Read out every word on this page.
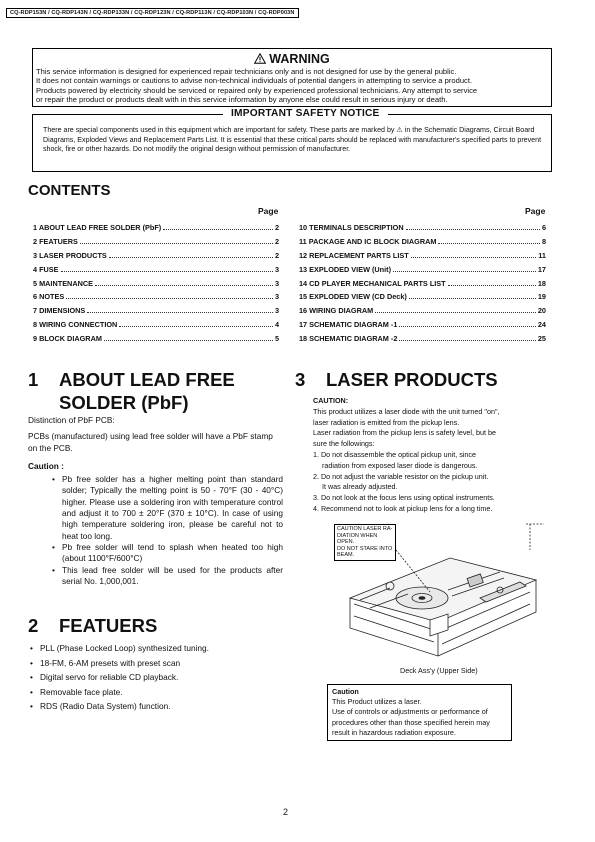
CQ-RDP153N / CQ-RDP143N / CQ-RDP133N / CQ-RDP123N / CQ-RDP113N / CQ-RDP103N / CQ-RDP003N
WARNING
This service information is designed for experienced repair technicians only and is not designed for use by the general public.
It does not contain warnings or cautions to advise non-technical individuals of potential dangers in attempting to service a product.
Products powered by electricity should be serviced or repaired only by experienced professional technicians. Any attempt to service
or repair the product or products dealt with in this service information by anyone else could result in serious injury or death.
IMPORTANT SAFETY NOTICE
There are special components used in this equipment which are important for safety. These parts are marked by ⚠ in the Schematic Diagrams, Circuit Board Diagrams, Exploded Views and Replacement Parts List. It is essential that these critical parts should be replaced with manufacturer's specified parts to prevent shock, fire or other hazards. Do not modify the original design without permission of manufacturer.
CONTENTS
Page	Page
1 ABOUT LEAD FREE SOLDER (PbF)	2
2 FEATUERS	2
3 LASER PRODUCTS	2
4 FUSE	3
5 MAINTENANCE	3
6 NOTES	3
7 DIMENSIONS	3
8 WIRING CONNECTION	4
9 BLOCK DIAGRAM	5
10 TERMINALS DESCRIPTION	6
11 PACKAGE AND IC BLOCK DIAGRAM	8
12 REPLACEMENT PARTS LIST	11
13 EXPLODED VIEW (Unit)	17
14 CD PLAYER MECHANICAL PARTS LIST	18
15 EXPLODED VIEW (CD Deck)	19
16 WIRING DIAGRAM	20
17 SCHEMATIC DIAGRAM -1	24
18 SCHEMATIC DIAGRAM -2	25
1 ABOUT LEAD FREE
SOLDER (PbF)
Distinction of PbF PCB:
PCBs (manufactured) using lead free solder will have a PbF stamp on the PCB.
Caution :
• Pb free solder has a higher melting point than standard solder; Typically the melting point is 50 - 70°F (30 - 40°C) higher. Please use a soldering iron with temperature control and adjust it to 700 ± 20°F (370 ± 10°C). In case of using high temperature soldering iron, please be careful not to heat too long.
• Pb free solder will tend to splash when heated too high (about 1100°F/600°C)
• This lead free solder will be used for the products after serial No. 1,000,001.
2 FEATUERS
• PLL (Phase Locked Loop) synthesized tuning.
• 18-FM, 6-AM presets with preset scan
• Digital servo for reliable CD playback.
• Removable face plate.
• RDS (Radio Data System) function.
3 LASER PRODUCTS
CAUTION:
This product utilizes a laser diode with the unit turned "on",
laser radiation is emitted from the pickup lens.
Laser radiation from the pickup lens is safety level, but be
sure the followings:
1. Do not disassemble the optical pickup unit, since
radiation from exposed laser diode is dangerous.
2. Do not adjust the variable resistor on the pickup unit.
It was already adjusted.
3. Do not look at the focus lens using optical instruments.
4. Recommend not to look at pickup lens for a long time.
CAUTION LASER RA-
DIATION WHEN OPEN.
DO NOT STARE INTO
BEAM.
Deck Ass'y (Upper Side)
Caution
This Product utilizes a laser.
Use of controls or adjustments or performance of
procedures other than those specified herein may
result in hazardous radiation exposure.
2
